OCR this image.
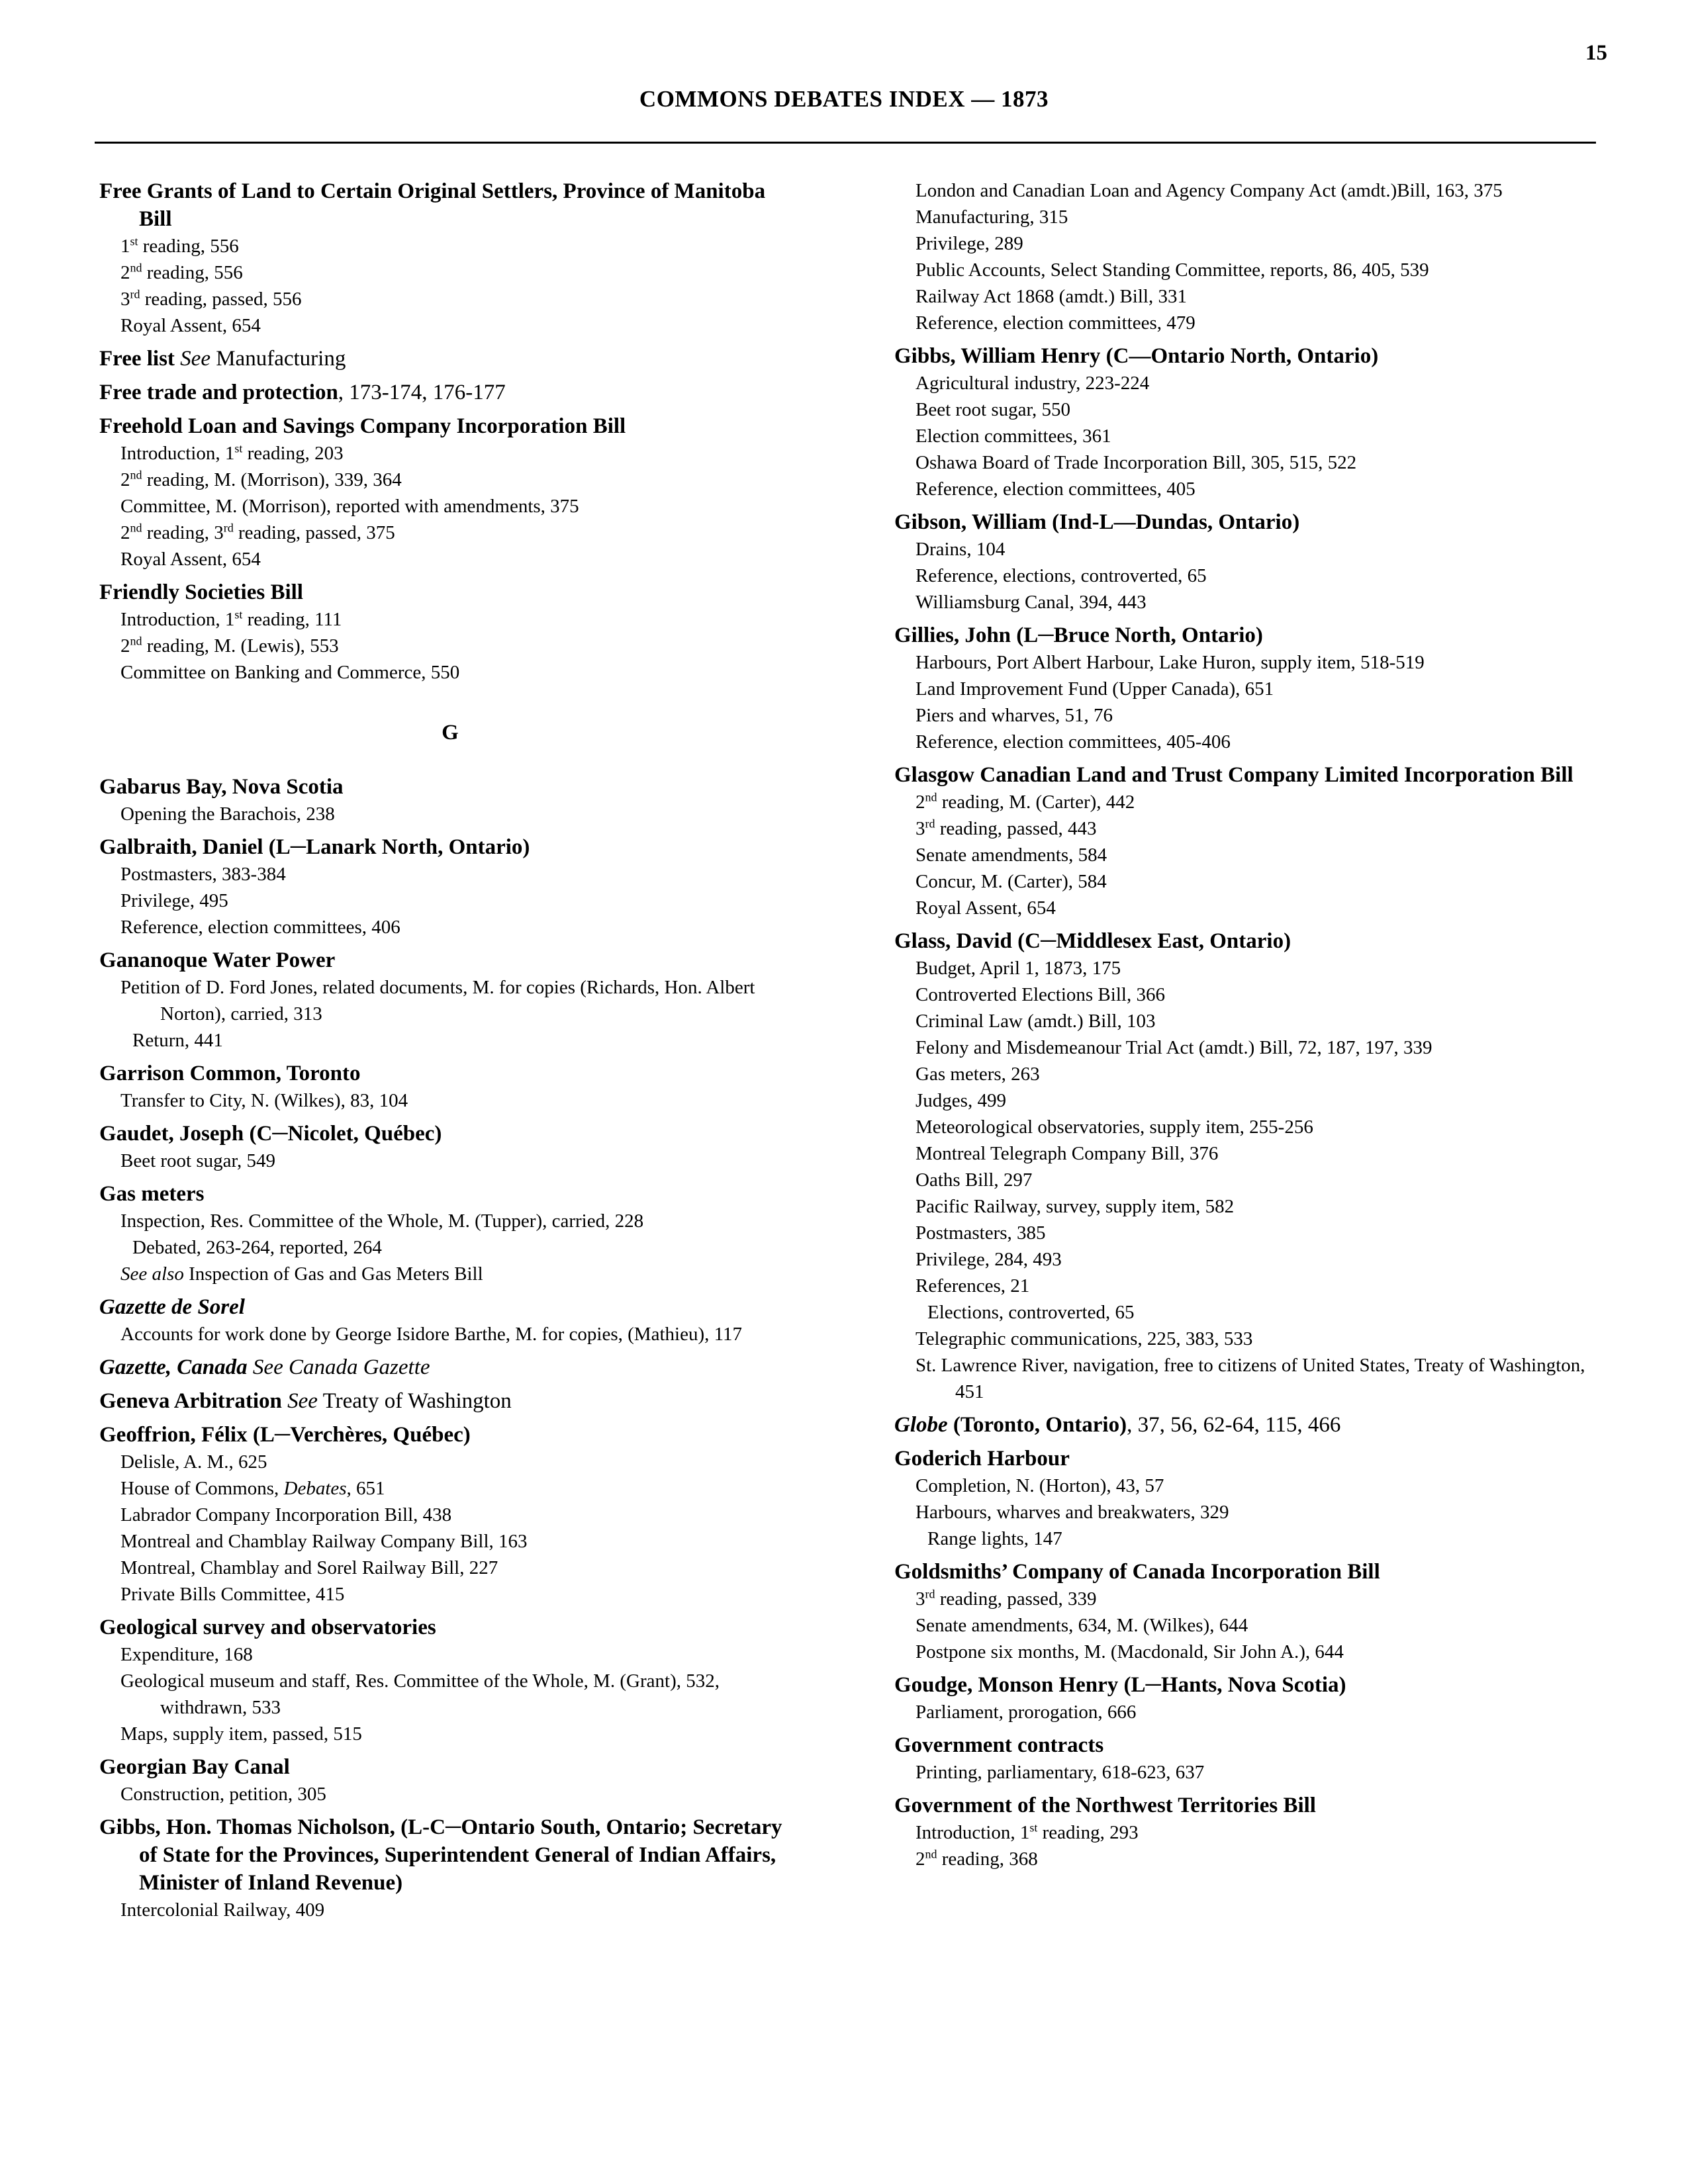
15
COMMONS DEBATES INDEX — 1873
Free Grants of Land to Certain Original Settlers, Province of Manitoba Bill
1st reading, 556
2nd reading, 556
3rd reading, passed, 556
Royal Assent, 654
Free list See Manufacturing
Free trade and protection, 173-174, 176-177
Freehold Loan and Savings Company Incorporation Bill
Introduction, 1st reading, 203
2nd reading, M. (Morrison), 339, 364
Committee, M. (Morrison), reported with amendments, 375
2nd reading, 3rd reading, passed, 375
Royal Assent, 654
Friendly Societies Bill
Introduction, 1st reading, 111
2nd reading, M. (Lewis), 553
Committee on Banking and Commerce, 550
G
Gabarus Bay, Nova Scotia
Opening the Barachois, 238
Galbraith, Daniel (L─Lanark North, Ontario)
Postmasters, 383-384
Privilege, 495
Reference, election committees, 406
Gananoque Water Power
Petition of D. Ford Jones, related documents, M. for copies (Richards, Hon. Albert Norton), carried, 313
Return, 441
Garrison Common, Toronto
Transfer to City, N. (Wilkes), 83, 104
Gaudet, Joseph (C─Nicolet, Québec)
Beet root sugar, 549
Gas meters
Inspection, Res. Committee of the Whole, M. (Tupper), carried, 228
Debated, 263-264, reported, 264
See also Inspection of Gas and Gas Meters Bill
Gazette de Sorel
Accounts for work done by George Isidore Barthe, M. for copies, (Mathieu), 117
Gazette, Canada See Canada Gazette
Geneva Arbitration See Treaty of Washington
Geoffrion, Félix (L─Verchères, Québec)
Delisle, A. M., 625
House of Commons, Debates, 651
Labrador Company Incorporation Bill, 438
Montreal and Chamblay Railway Company Bill, 163
Montreal, Chamblay and Sorel Railway Bill, 227
Private Bills Committee, 415
Geological survey and observatories
Expenditure, 168
Geological museum and staff, Res. Committee of the Whole, M. (Grant), 532, withdrawn, 533
Maps, supply item, passed, 515
Georgian Bay Canal
Construction, petition, 305
Gibbs, Hon. Thomas Nicholson, (L-C─Ontario South, Ontario; Secretary of State for the Provinces, Superintendent General of Indian Affairs, Minister of Inland Revenue)
Intercolonial Railway, 409
London and Canadian Loan and Agency Company Act (amdt.)Bill, 163, 375
Manufacturing, 315
Privilege, 289
Public Accounts, Select Standing Committee, reports, 86, 405, 539
Railway Act 1868 (amdt.) Bill, 331
Reference, election committees, 479
Gibbs, William Henry (C—Ontario North, Ontario)
Agricultural industry, 223-224
Beet root sugar, 550
Election committees, 361
Oshawa Board of Trade Incorporation Bill, 305, 515, 522
Reference, election committees, 405
Gibson, William (Ind-L—Dundas, Ontario)
Drains, 104
Reference, elections, controverted, 65
Williamsburg Canal, 394, 443
Gillies, John (L─Bruce North, Ontario)
Harbours, Port Albert Harbour, Lake Huron, supply item, 518-519
Land Improvement Fund (Upper Canada), 651
Piers and wharves, 51, 76
Reference, election committees, 405-406
Glasgow Canadian Land and Trust Company Limited Incorporation Bill
2nd reading, M. (Carter), 442
3rd reading, passed, 443
Senate amendments, 584
Concur, M. (Carter), 584
Royal Assent, 654
Glass, David (C─Middlesex East, Ontario)
Budget, April 1, 1873, 175
Controverted Elections Bill, 366
Criminal Law (amdt.) Bill, 103
Felony and Misdemeanour Trial Act (amdt.) Bill, 72, 187, 197, 339
Gas meters, 263
Judges, 499
Meteorological observatories, supply item, 255-256
Montreal Telegraph Company Bill, 376
Oaths Bill, 297
Pacific Railway, survey, supply item, 582
Postmasters, 385
Privilege, 284, 493
References, 21
Elections, controverted, 65
Telegraphic communications, 225, 383, 533
St. Lawrence River, navigation, free to citizens of United States, Treaty of Washington, 451
Globe (Toronto, Ontario), 37, 56, 62-64, 115, 466
Goderich Harbour
Completion, N. (Horton), 43, 57
Harbours, wharves and breakwaters, 329
Range lights, 147
Goldsmiths’ Company of Canada Incorporation Bill
3rd reading, passed, 339
Senate amendments, 634, M. (Wilkes), 644
Postpone six months, M. (Macdonald, Sir John A.), 644
Goudge, Monson Henry (L─Hants, Nova Scotia)
Parliament, prorogation, 666
Government contracts
Printing, parliamentary, 618-623, 637
Government of the Northwest Territories Bill
Introduction, 1st reading, 293
2nd reading, 368
